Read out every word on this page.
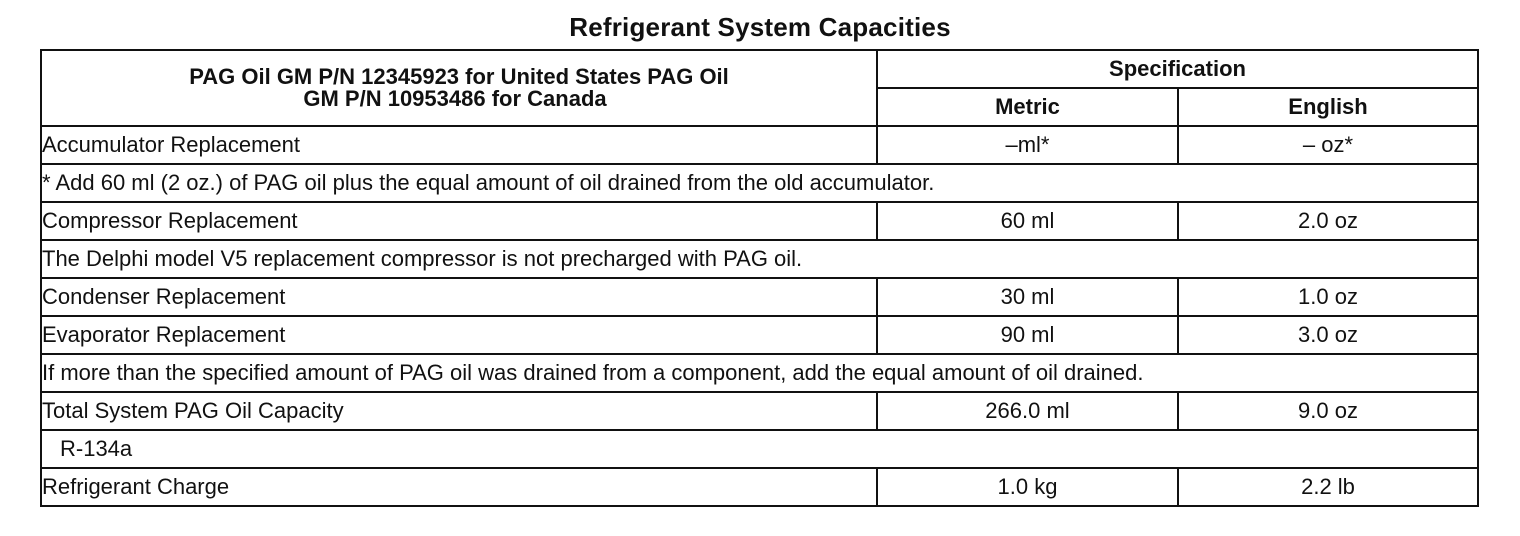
Refrigerant System Capacities
PAG Oil GM P/N 12345923 for United States PAG Oil
GM P/N 10953486 for Canada	Specification	
	Metric	English
Accumulator Replacement	–ml*	– oz*
* Add 60 ml (2 oz.) of PAG oil plus the equal amount of oil drained from the old accumulator.		
Compressor Replacement	60 ml	2.0 oz
The Delphi model V5 replacement compressor is not precharged with PAG oil.		
Condenser Replacement	30 ml	1.0 oz
Evaporator Replacement	90 ml	3.0 oz
If more than the specified amount of PAG oil was drained from a component, add the equal amount of oil drained.		
Total System PAG Oil Capacity	266.0 ml	9.0 oz
R-134a		
Refrigerant Charge	1.0 kg	2.2 lb
